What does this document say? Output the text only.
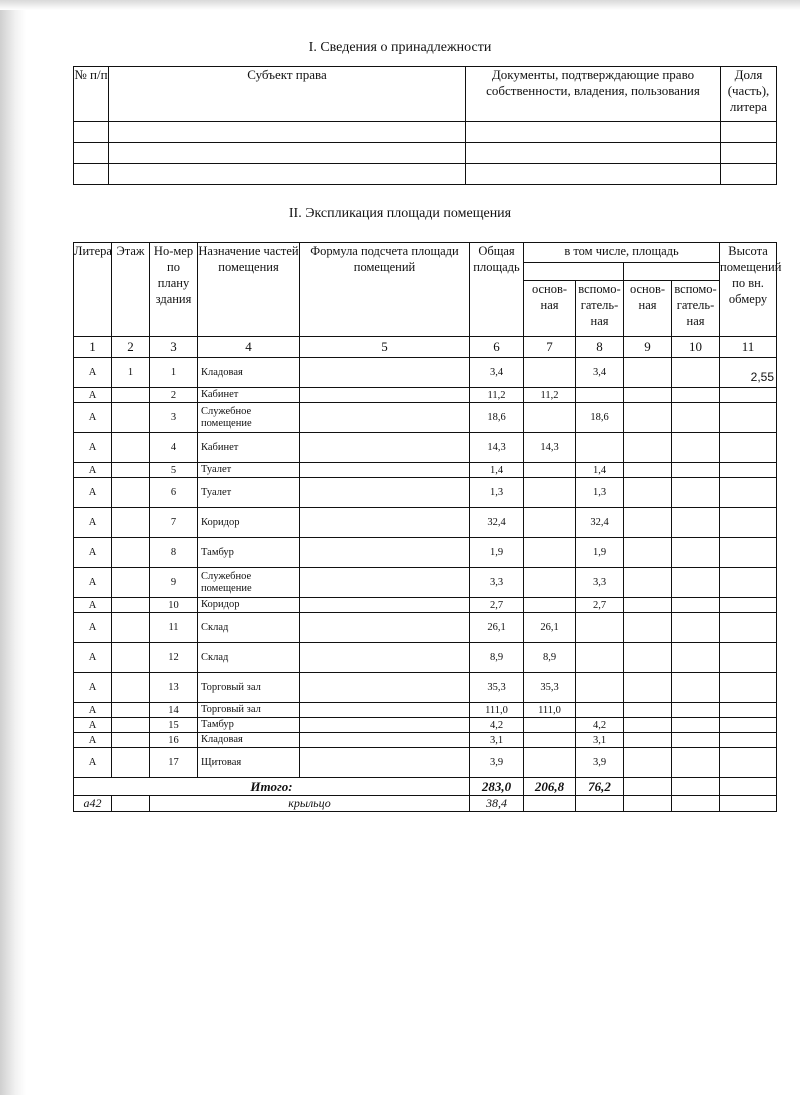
I. Сведения о принадлежности
№ п/п	Субъект права	Документы, подтверждающие право собственности, владения, пользования	Доля (часть), литера

II. Экспликация площади помещения
Литера	Этаж	Но-мер по плану здания	Назначение частей помещения	Формула подсчета площади помещений	Общая площадь	в том числе, площадь				Высота помещений по вн. обмеру

						основ-ная	вспомо-гатель-ная	основ-ная	вспомо-гатель-ная	
1	2	3	4	5	6	7	8	9	10	11
А	1	1	Кладовая		3,4		3,4			2,55

А		2	Кабинет		11,2	11,2				

А		3	Служебное помещение		18,6		18,6			

А		4	Кабинет		14,3	14,3				

А		5	Туалет		1,4		1,4			

А		6	Туалет		1,3		1,3			

А		7	Коридор		32,4		32,4			

А		8	Тамбур		1,9		1,9			

А		9	Служебное помещение		3,3		3,3			

А		10	Коридор		2,7		2,7			

А		11	Склад		26,1	26,1				

А		12	Склад		8,9	8,9				

А		13	Торговый зал		35,3	35,3				

А		14	Торговый зал		111,0	111,0				

А		15	Тамбур		4,2		4,2			

А		16	Кладовая		3,1		3,1			

А		17	Щитовая		3,9		3,9			

Итого:					283,0	206,8	76,2			
а42		крыльцо			38,4					
